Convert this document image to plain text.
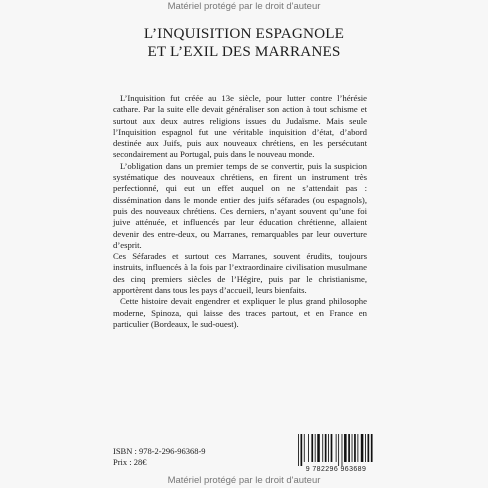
Matériel protégé par le droit d'auteur
L’INQUISITION ESPAGNOLE
ET L’EXIL DES MARRANES

L’Inquisition fut créée au 13e siècle, pour lutter contre l’hérésie cathare. Par la suite elle devait généraliser son action à tout schisme et surtout aux deux autres religions issues du Judaïsme. Mais seule l’Inquisition espagnol fut une véritable inquisition d’état, d’abord destinée aux Juifs, puis aux nouveaux chrétiens, en les persécutant secondairement au Portugal, puis dans le nouveau monde.

L’obligation dans un premier temps de se convertir, puis la suspicion systématique des nouveaux chrétiens, en firent un instrument très perfectionné, qui eut un effet auquel on ne s’attendait pas : dissémination dans le monde entier des juifs séfarades (ou espagnols), puis des nouveaux chrétiens. Ces derniers, n’ayant souvent qu’une foi juive atténuée, et influencés par leur éducation chrétienne, allaient devenir des entre-deux, ou Marranes, remarquables par leur ouverture d’esprit.

Ces Séfarades et surtout ces Marranes, souvent érudits, toujours instruits, influencés à la fois par l’extraordinaire civilisation musulmane des cinq premiers siècles de l’Hégire, puis par le christianisme, apportèrent dans tous les pays d’accueil, leurs bienfaits.

Cette histoire devait engendrer et expliquer le plus grand philosophe moderne, Spinoza, qui laisse des traces partout, et en France en particulier (Bordeaux, le sud-ouest).

ISBN : 978-2-296-96368-9
Prix : 28€
9 782296 963689
Matériel protégé par le droit d'auteur
